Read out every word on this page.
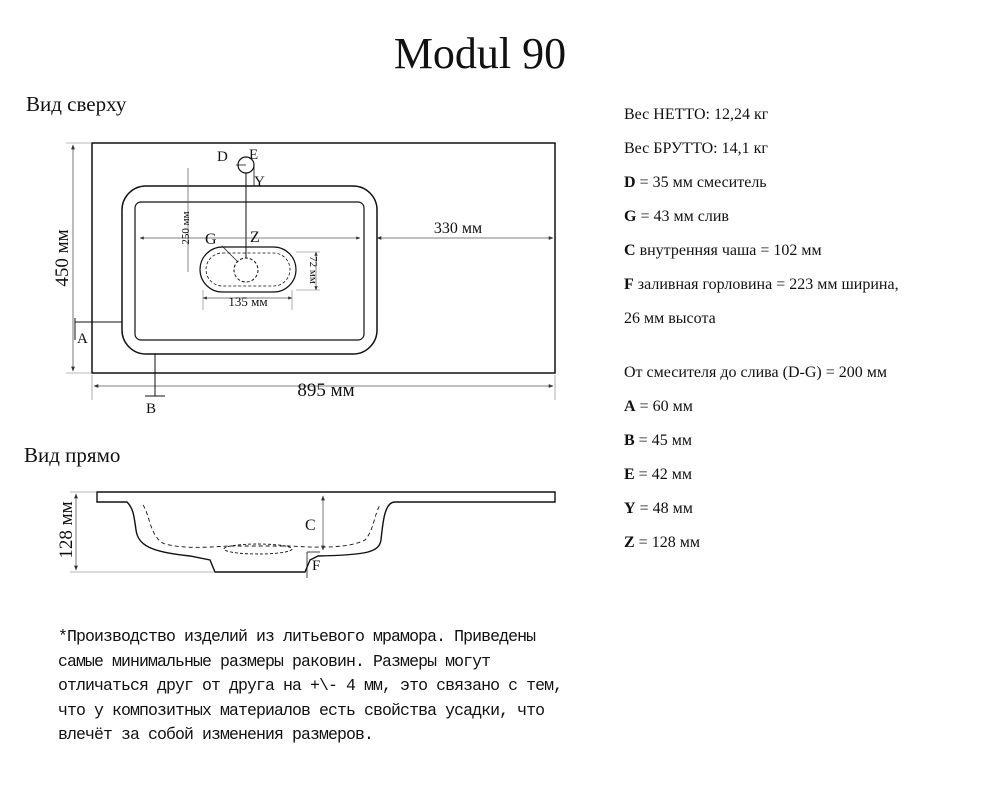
Modul 90
Вид сверху
Вид прямо
450 мм
895 мм
330 мм
250 мм
72 мм
135 мм
D E
Y
G Z
A
B
128 мм	C
F
Вес НЕТТО: 12,24 кг
Вес БРУТТО: 14,1 кг
D = 35 мм смеситель
G = 43 мм слив
C внутренняя чаша = 102 мм
F заливная горловина = 223 мм ширина,
26 мм высота
От смесителя до слива (D-G) = 200 мм
A = 60 мм
B = 45 мм
E = 42 мм
Y = 48 мм
Z = 128 мм
*Производство изделий из литьевого мрамора. Приведены
самые минимальные размеры раковин. Размеры могут
отличаться друг от друга на +\- 4 мм, это связано с тем,
что у композитных материалов есть свойства усадки, что
влечёт за собой изменения размеров.
